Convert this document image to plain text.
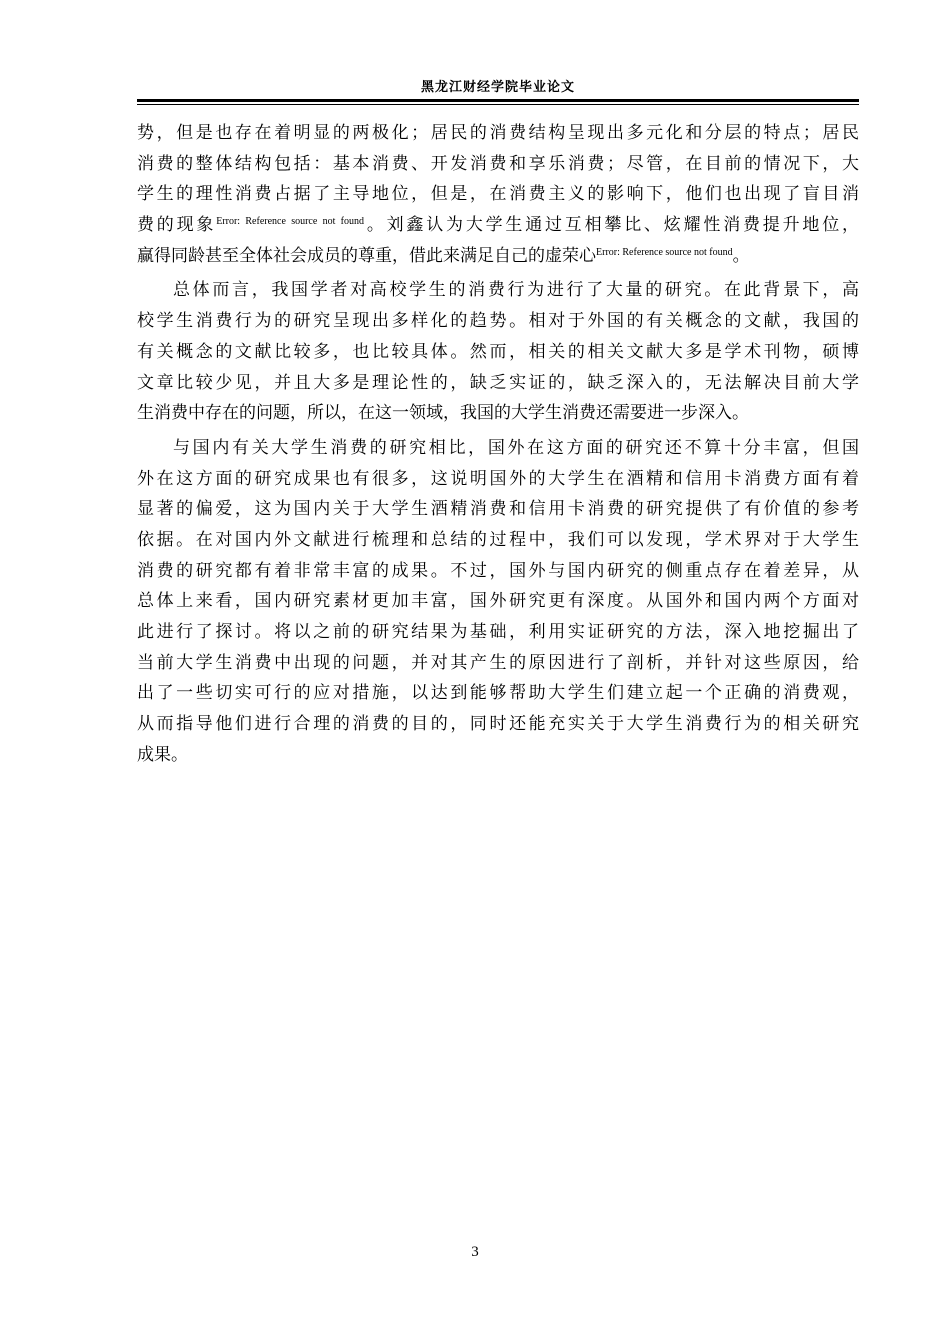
黑龙江财经学院毕业论文
势，但是也存在着明显的两极化；居民的消费结构呈现出多元化和分层的特点；居民
消费的整体结构包括：基本消费、开发消费和享乐消费；尽管，在目前的情况下，大
学生的理性消费占据了主导地位，但是，在消费主义的影响下，他们也出现了盲目消
费的现象$^{Error: Reference source not found}$。刘鑫认为大学生通过互相攀比、炫耀性消费提升地位，
赢得同龄甚至全体社会成员的尊重，借此来满足自己的虚荣心$^{Error: Reference source not found}$。
总体而言，我国学者对高校学生的消费行为进行了大量的研究。在此背景下，高
校学生消费行为的研究呈现出多样化的趋势。相对于外国的有关概念的文献，我国的
有关概念的文献比较多，也比较具体。然而，相关的相关文献大多是学术刊物，硕博
文章比较少见，并且大多是理论性的，缺乏实证的，缺乏深入的，无法解决目前大学
生消费中存在的问题，所以，在这一领域，我国的大学生消费还需要进一步深入。
与国内有关大学生消费的研究相比，国外在这方面的研究还不算十分丰富，但国
外在这方面的研究成果也有很多，这说明国外的大学生在酒精和信用卡消费方面有着
显著的偏爱，这为国内关于大学生酒精消费和信用卡消费的研究提供了有价值的参考
依据。在对国内外文献进行梳理和总结的过程中，我们可以发现，学术界对于大学生
消费的研究都有着非常丰富的成果。不过，国外与国内研究的侧重点存在着差异，从
总体上来看，国内研究素材更加丰富，国外研究更有深度。从国外和国内两个方面对
此进行了探讨。将以之前的研究结果为基础，利用实证研究的方法，深入地挖掘出了
当前大学生消费中出现的问题，并对其产生的原因进行了剖析，并针对这些原因，给
出了一些切实可行的应对措施，以达到能够帮助大学生们建立起一个正确的消费观，
从而指导他们进行合理的消费的目的，同时还能充实关于大学生消费行为的相关研究
成果。
3
